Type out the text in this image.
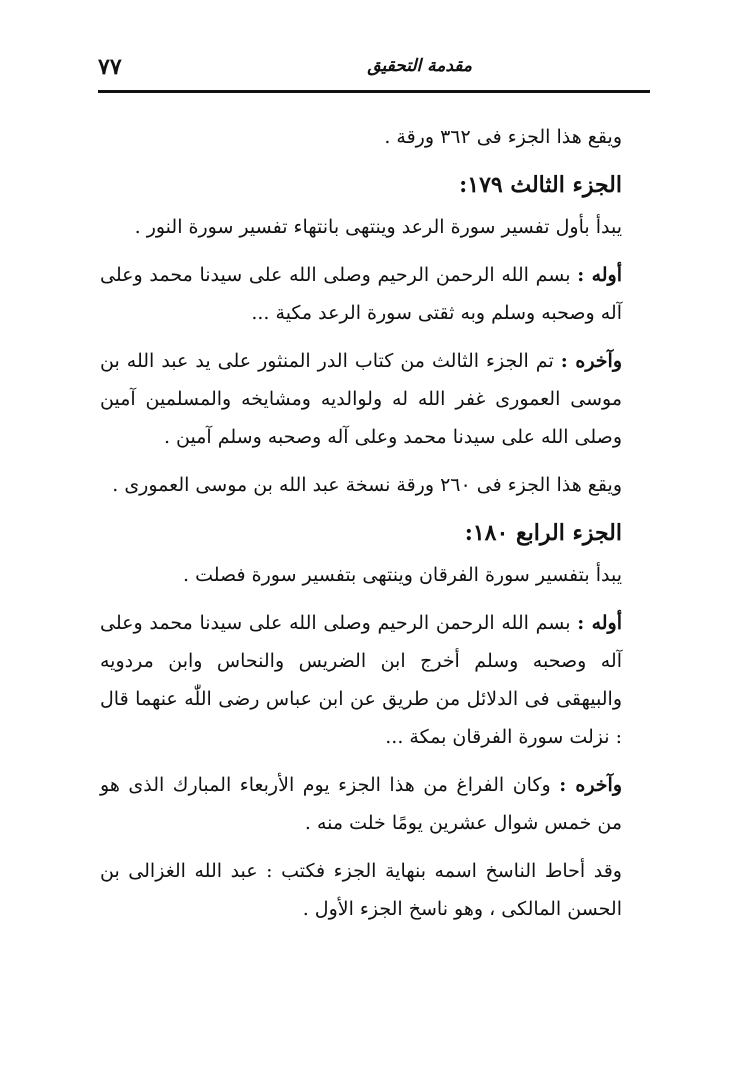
مقدمة التحقيق
٧٧

ويقع هذا الجزء فى ٣٦٢ ورقة .

الجزء الثالث ١٧٩:

يبدأ بأول تفسير سورة الرعد وينتهى بانتهاء تفسير سورة النور .

أوله : بسم الله الرحمن الرحيم وصلى الله على سيدنا محمد وعلى آله وصحبه وسلم وبه ثقتى سورة الرعد مكية ...

وآخره : تم الجزء الثالث من كتاب الدر المنثور على يد عبد الله بن موسى العمورى غفر الله له ولوالديه ومشايخه والمسلمين آمين وصلى الله على سيدنا محمد وعلى آله وصحبه وسلم آمين .

ويقع هذا الجزء فى ٢٦٠ ورقة نسخة عبد الله بن موسى العمورى .

الجزء الرابع ١٨٠:

يبدأ بتفسير سورة الفرقان وينتهى بتفسير سورة فصلت .

أوله : بسم الله الرحمن الرحيم وصلى الله على سيدنا محمد وعلى آله وصحبه وسلم أخرج ابن الضريس والنحاس وابن مردويه والبيهقى فى الدلائل من طريق عن ابن عباس رضى اللّٰه عنهما قال : نزلت سورة الفرقان بمكة ...

وآخره : وكان الفراغ من هذا الجزء يوم الأربعاء المبارك الذى هو من خمس شوال عشرين يومًا خلت منه .

وقد أحاط الناسخ اسمه بنهاية الجزء فكتب : عبد الله الغزالى بن الحسن المالكى ، وهو ناسخ الجزء الأول .
